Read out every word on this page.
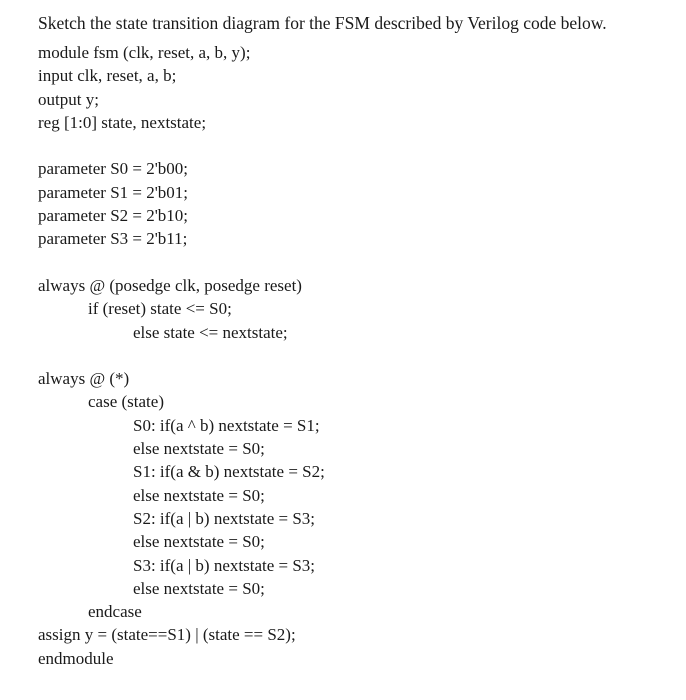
Sketch the state transition diagram for the FSM described by Verilog code below.
module fsm (clk, reset, a, b, y);
input clk, reset, a, b;
output y;
reg [1:0] state, nextstate;
parameter S0 = 2'b00;
parameter S1 = 2'b01;
parameter S2 = 2'b10;
parameter S3 = 2'b11;
always @ (posedge clk, posedge reset)
if (reset) state <= S0;
else state <= nextstate;
always @ (*)
case (state)
S0: if(a ^ b) nextstate = S1;
else nextstate = S0;
S1: if(a & b) nextstate = S2;
else nextstate = S0;
S2: if(a | b) nextstate = S3;
else nextstate = S0;
S3: if(a | b) nextstate = S3;
else nextstate = S0;
endcase
assign y = (state==S1) | (state == S2);
endmodule
